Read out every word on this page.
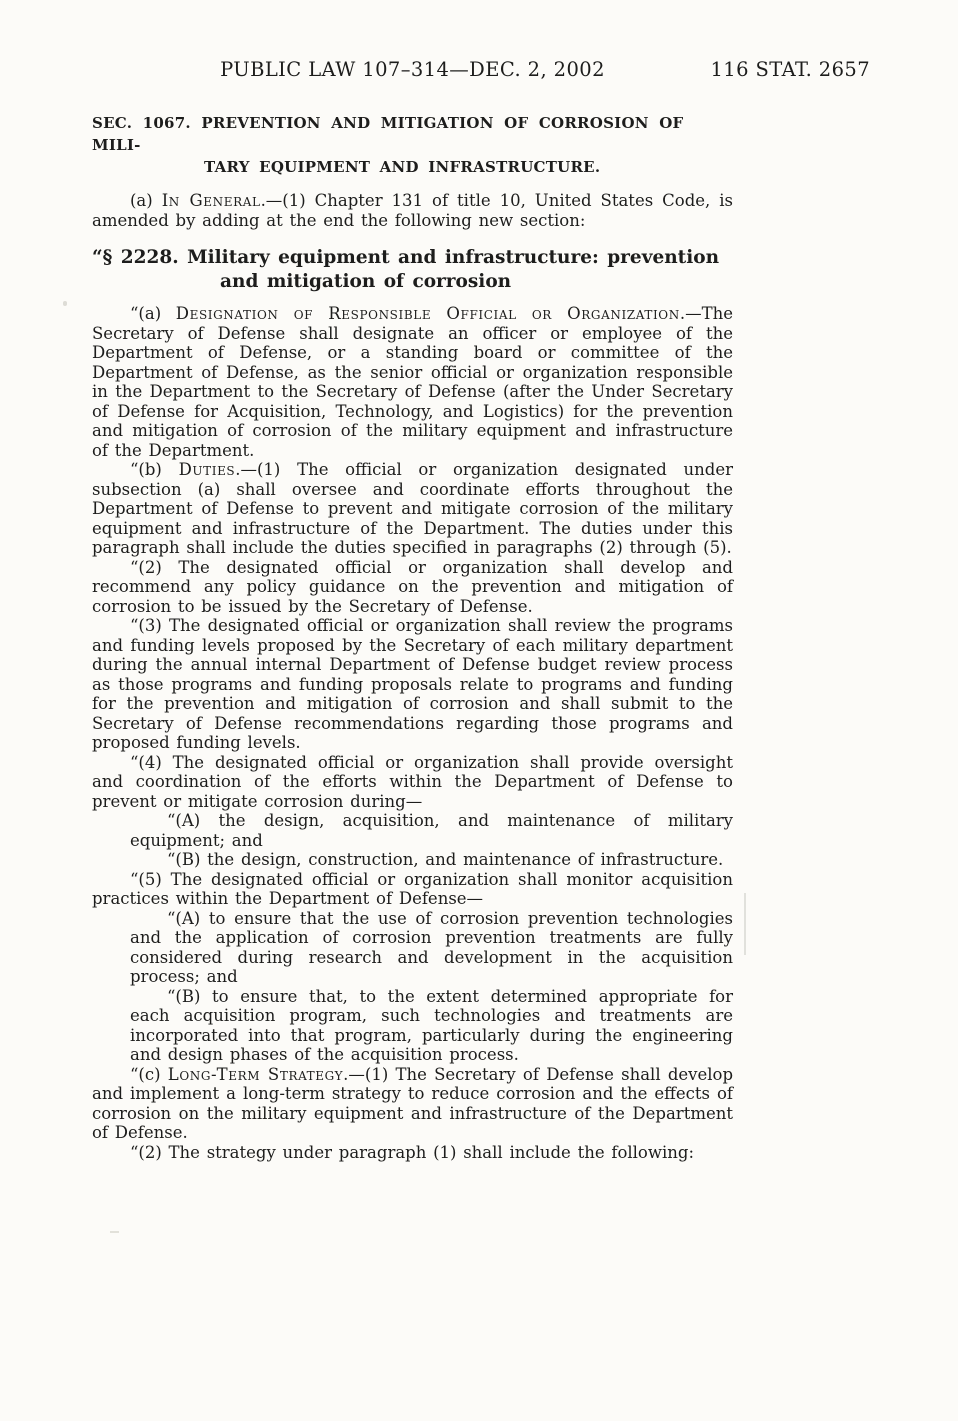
PUBLIC LAW 107–314—DEC. 2, 2002	116 STAT. 2657
SEC. 1067. PREVENTION AND MITIGATION OF CORROSION OF MILI-
TARY EQUIPMENT AND INFRASTRUCTURE.

(a) In General.—(1) Chapter 131 of title 10, United States Code, is amended by adding at the end the following new section:

“§ 2228. Military equipment and infrastructure: prevention
and mitigation of corrosion

“(a) Designation of Responsible Official or Organization.—The Secretary of Defense shall designate an officer or employee of the Department of Defense, or a standing board or committee of the Department of Defense, as the senior official or organization responsible in the Department to the Secretary of Defense (after the Under Secretary of Defense for Acquisition, Technology, and Logistics) for the prevention and mitigation of corrosion of the military equipment and infrastructure of the Department.

“(b) Duties.—(1) The official or organization designated under subsection (a) shall oversee and coordinate efforts throughout the Department of Defense to prevent and mitigate corrosion of the military equipment and infrastructure of the Department. The duties under this paragraph shall include the duties specified in paragraphs (2) through (5).

“(2) The designated official or organization shall develop and recommend any policy guidance on the prevention and mitigation of corrosion to be issued by the Secretary of Defense.

“(3) The designated official or organization shall review the programs and funding levels proposed by the Secretary of each military department during the annual internal Department of Defense budget review process as those programs and funding proposals relate to programs and funding for the prevention and mitigation of corrosion and shall submit to the Secretary of Defense recommendations regarding those programs and proposed funding levels.

“(4) The designated official or organization shall provide oversight and coordination of the efforts within the Department of Defense to prevent or mitigate corrosion during—

“(A) the design, acquisition, and maintenance of military equipment; and

“(B) the design, construction, and maintenance of infrastructure.

“(5) The designated official or organization shall monitor acquisition practices within the Department of Defense—

“(A) to ensure that the use of corrosion prevention technologies and the application of corrosion prevention treatments are fully considered during research and development in the acquisition process; and

“(B) to ensure that, to the extent determined appropriate for each acquisition program, such technologies and treatments are incorporated into that program, particularly during the engineering and design phases of the acquisition process.

“(c) Long-Term Strategy.—(1) The Secretary of Defense shall develop and implement a long-term strategy to reduce corrosion and the effects of corrosion on the military equipment and infrastructure of the Department of Defense.

“(2) The strategy under paragraph (1) shall include the following:
